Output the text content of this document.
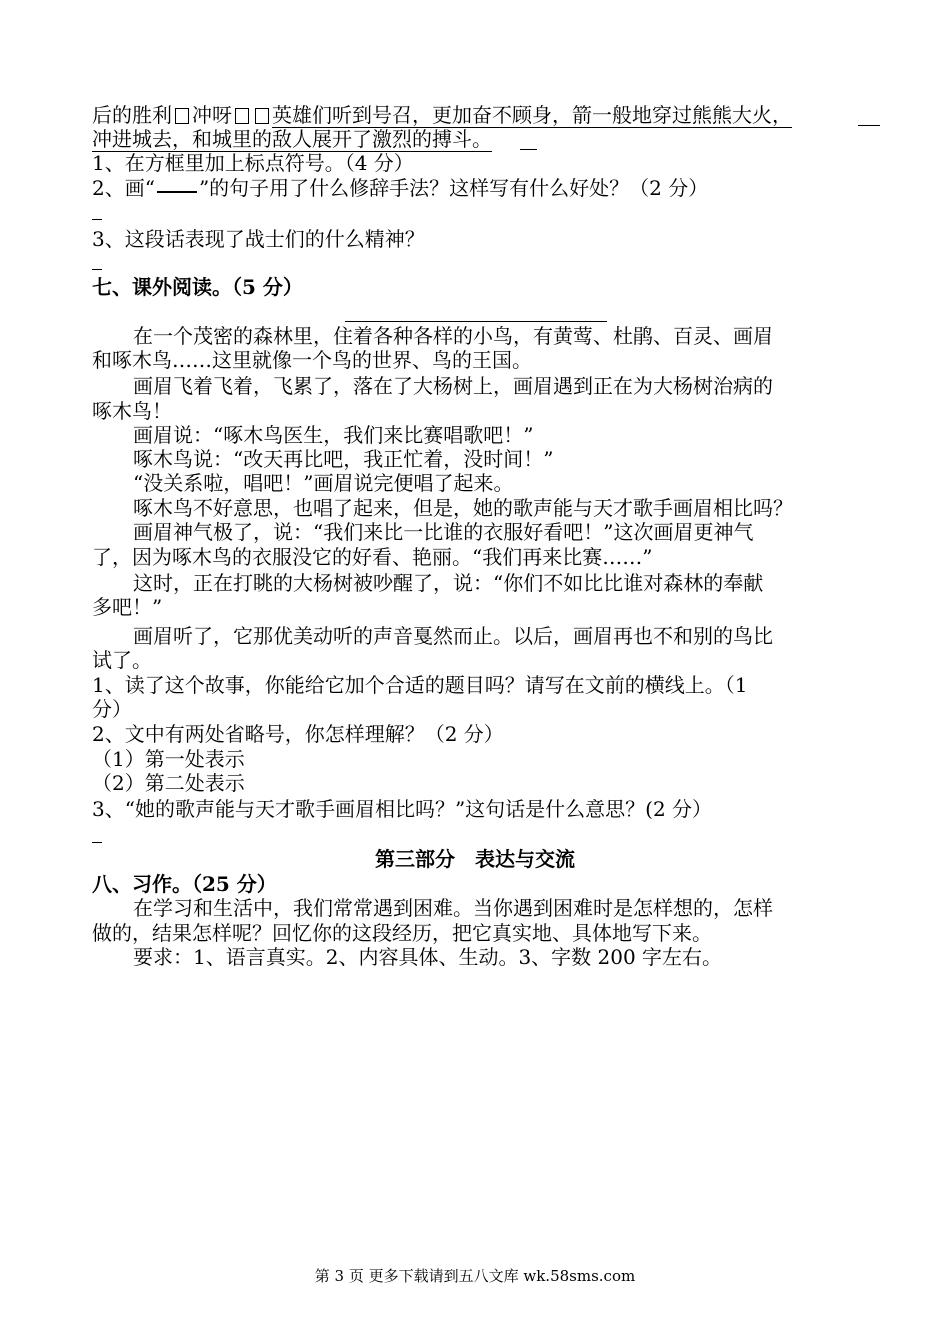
后的胜利 冲呀 英雄们听到号召，更加奋不顾身，箭一般地穿过熊熊大火，
冲进城去，和城里的敌人展开了激烈的搏斗。
1、在方框里加上标点符号。（4 分）
2、画“ ”的句子用了什么修辞手法？这样写有什么好处？（2 分）
3、这段话表现了战士们的什么精神？
七、课外阅读。（5 分）
在一个茂密的森林里，住着各种各样的小鸟，有黄莺、杜鹃、百灵、画眉
和啄木鸟……这里就像一个鸟的世界、鸟的王国。
画眉飞着飞着，飞累了，落在了大杨树上，画眉遇到正在为大杨树治病的
啄木鸟！
画眉说：“啄木鸟医生，我们来比赛唱歌吧！”
啄木鸟说：“改天再比吧，我正忙着，没时间！”
“没关系啦，唱吧！”画眉说完便唱了起来。
啄木鸟不好意思，也唱了起来，但是，她的歌声能与天才歌手画眉相比吗？
画眉神气极了，说：“我们来比一比谁的衣服好看吧！”这次画眉更神气
了，因为啄木鸟的衣服没它的好看、艳丽。“我们再来比赛……”
这时，正在打眺的大杨树被吵醒了，说：“你们不如比比谁对森林的奉献
多吧！”
画眉听了，它那优美动听的声音戛然而止。以后，画眉再也不和别的鸟比
试了。
1、读了这个故事，你能给它加个合适的题目吗？请写在文前的横线上。（1
分）
2、文中有两处省略号，你怎样理解？（2 分）
（1）第一处表示
（2）第二处表示
3、“她的歌声能与天才歌手画眉相比吗？”这句话是什么意思？(2 分）
第三部分　表达与交流
八、习作。（25 分）
在学习和生活中，我们常常遇到困难。当你遇到困难时是怎样想的，怎样
做的，结果怎样呢？回忆你的这段经历，把它真实地、具体地写下来。
要求：1、语言真实。2、内容具体、生动。3、字数 200 字左右。
第 3 页 更多下载请到五八文库 wk.58sms.com
